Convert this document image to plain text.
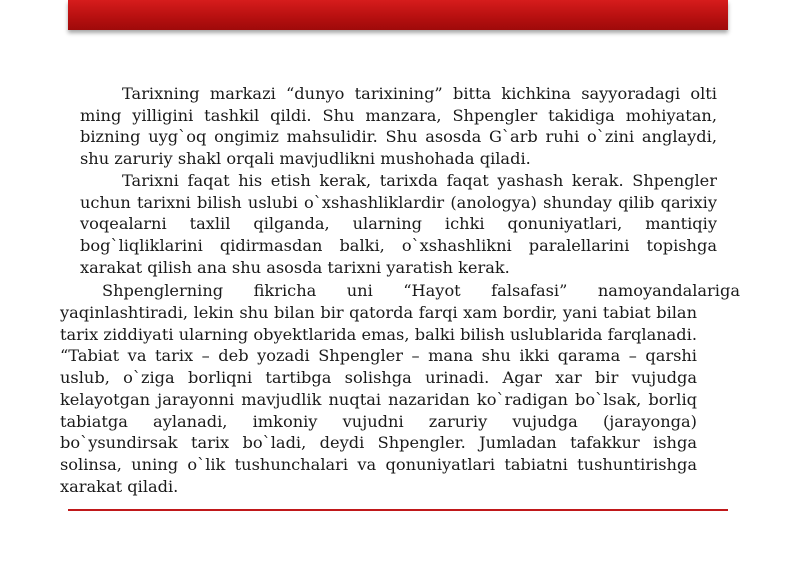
Tarixning markazi “dunyo tarixining” bitta kichkina sayyoradagi olti ming yilligini tashkil qildi. Shu manzara, Shpengler takidiga mohiyatan, bizning uyg`oq ongimiz mahsulidir. Shu asosda G`arb ruhi o`zini anglaydi, shu zaruriy shakl orqali mavjudlikni mushohada qiladi.

Tarixni faqat his etish kerak, tarixda faqat yashash kerak. Shpengler uchun tarixni bilish uslubi o`xshashliklardir (anologya) shunday qilib qarixiy voqealarni taxlil qilganda, ularning ichki qonuniyatlari, mantiqiy bog`liqliklarini qidirmasdan balki, o`xshashlikni paralellarini topishga xarakat qilish ana shu asosda tarixni yaratish kerak.

Shpenglerning fikricha uni “Hayot falsafasi” namoyandalariga

yaqinlashtiradi, lekin shu bilan bir qatorda farqi xam bordir, yani tabiat bilan tarix ziddiyati ularning obyektlarida emas, balki bilish uslublarida farqlanadi. “Tabiat va tarix – deb yozadi Shpengler – mana shu ikki qarama – qarshi uslub, o`ziga borliqni tartibga solishga urinadi. Agar xar bir vujudga kelayotgan jarayonni mavjudlik nuqtai nazaridan ko`radigan bo`lsak, borliq tabiatga aylanadi, imkoniy vujudni zaruriy vujudga (jarayonga) bo`ysundirsak tarix bo`ladi, deydi Shpengler. Jumladan tafakkur ishga solinsa, uning o`lik tushunchalari va qonuniyatlari tabiatni tushuntirishga xarakat qiladi.
